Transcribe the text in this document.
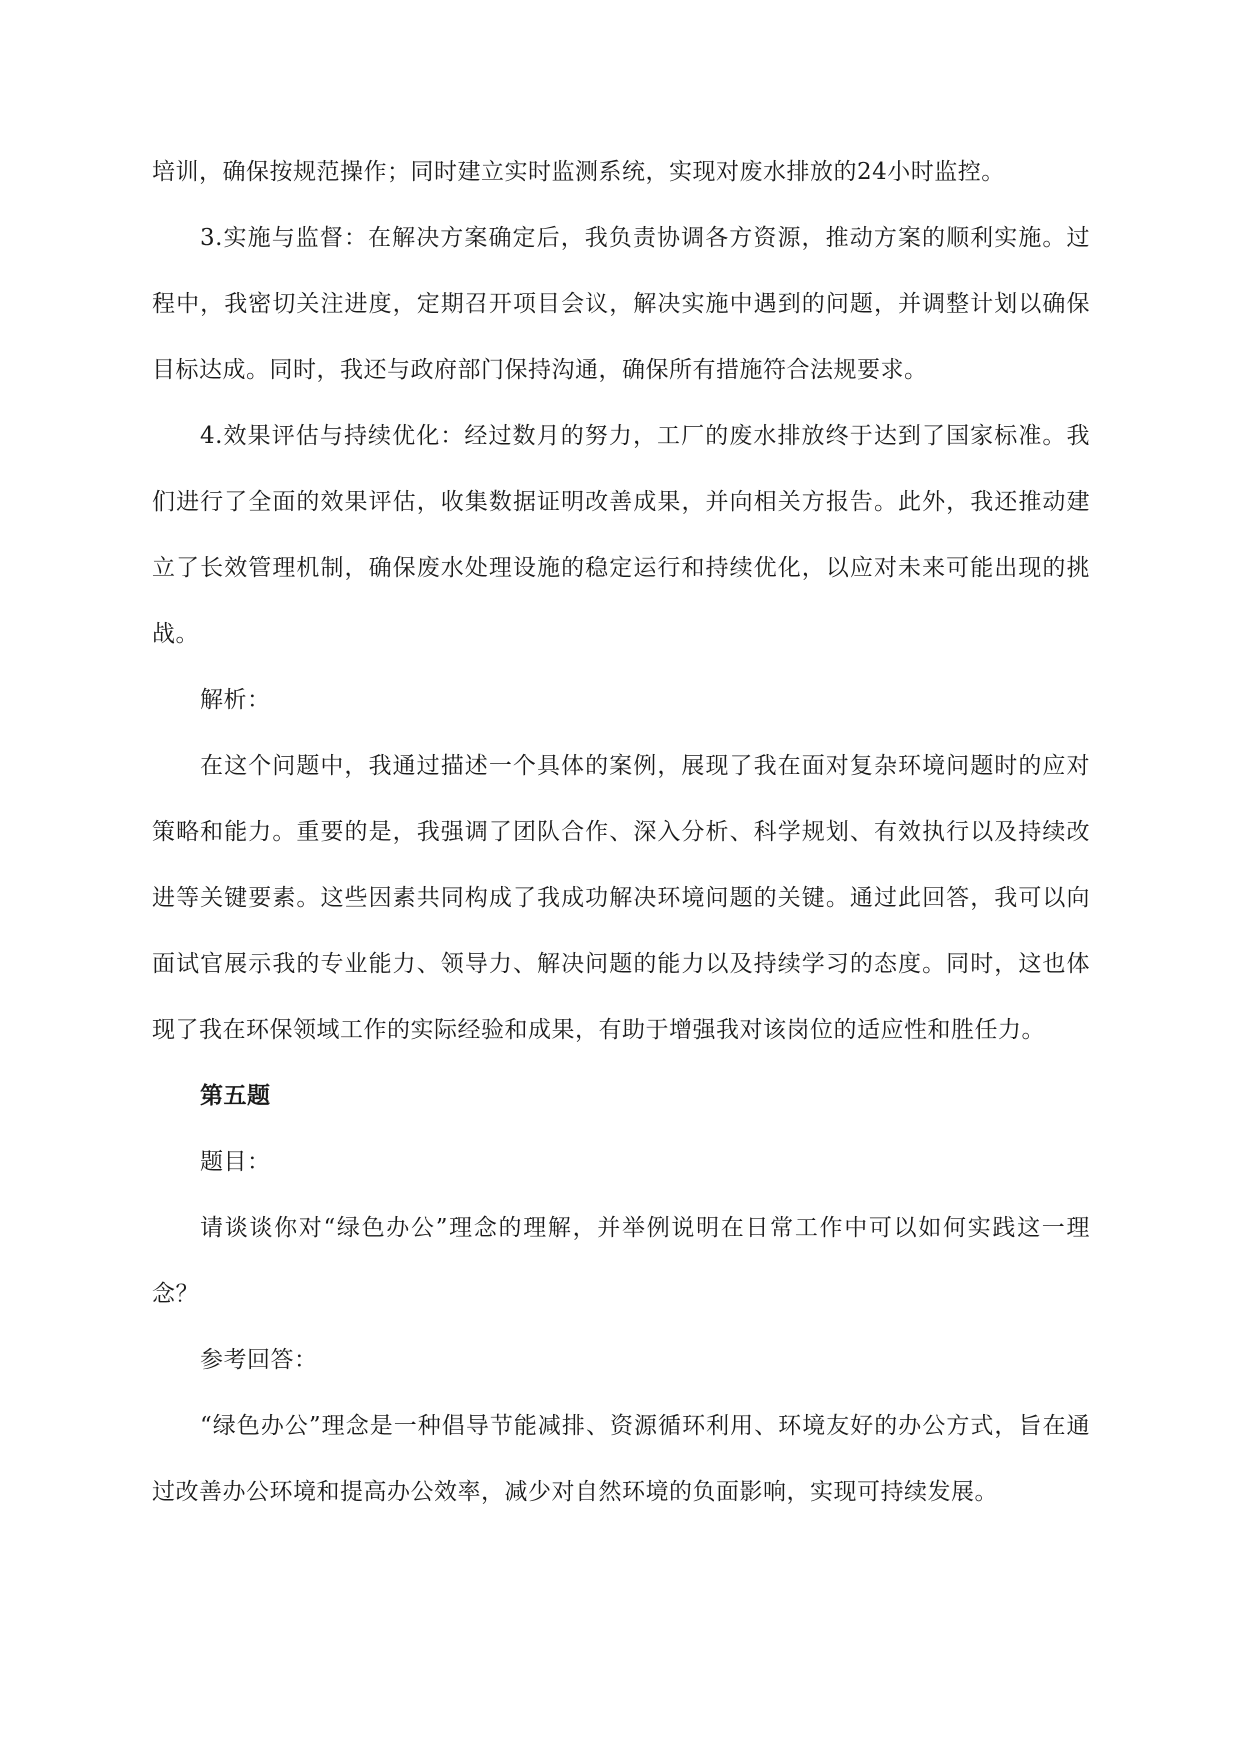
培训，确保按规范操作；同时建立实时监测系统，实现对废水排放的24小时监控。

3.实施与监督：在解决方案确定后，我负责协调各方资源，推动方案的顺利实施。过程中，我密切关注进度，定期召开项目会议，解决实施中遇到的问题，并调整计划以确保目标达成。同时，我还与政府部门保持沟通，确保所有措施符合法规要求。

4.效果评估与持续优化：经过数月的努力，工厂的废水排放终于达到了国家标准。我们进行了全面的效果评估，收集数据证明改善成果，并向相关方报告。此外，我还推动建立了长效管理机制，确保废水处理设施的稳定运行和持续优化，以应对未来可能出现的挑战。

解析：

在这个问题中，我通过描述一个具体的案例，展现了我在面对复杂环境问题时的应对策略和能力。重要的是，我强调了团队合作、深入分析、科学规划、有效执行以及持续改进等关键要素。这些因素共同构成了我成功解决环境问题的关键。通过此回答，我可以向面试官展示我的专业能力、领导力、解决问题的能力以及持续学习的态度。同时，这也体现了我在环保领域工作的实际经验和成果，有助于增强我对该岗位的适应性和胜任力。

第五题

题目：

请谈谈你对“绿色办公”理念的理解，并举例说明在日常工作中可以如何实践这一理念？

参考回答：

“绿色办公”理念是一种倡导节能减排、资源循环利用、环境友好的办公方式，旨在通过改善办公环境和提高办公效率，减少对自然环境的负面影响，实现可持续发展。
